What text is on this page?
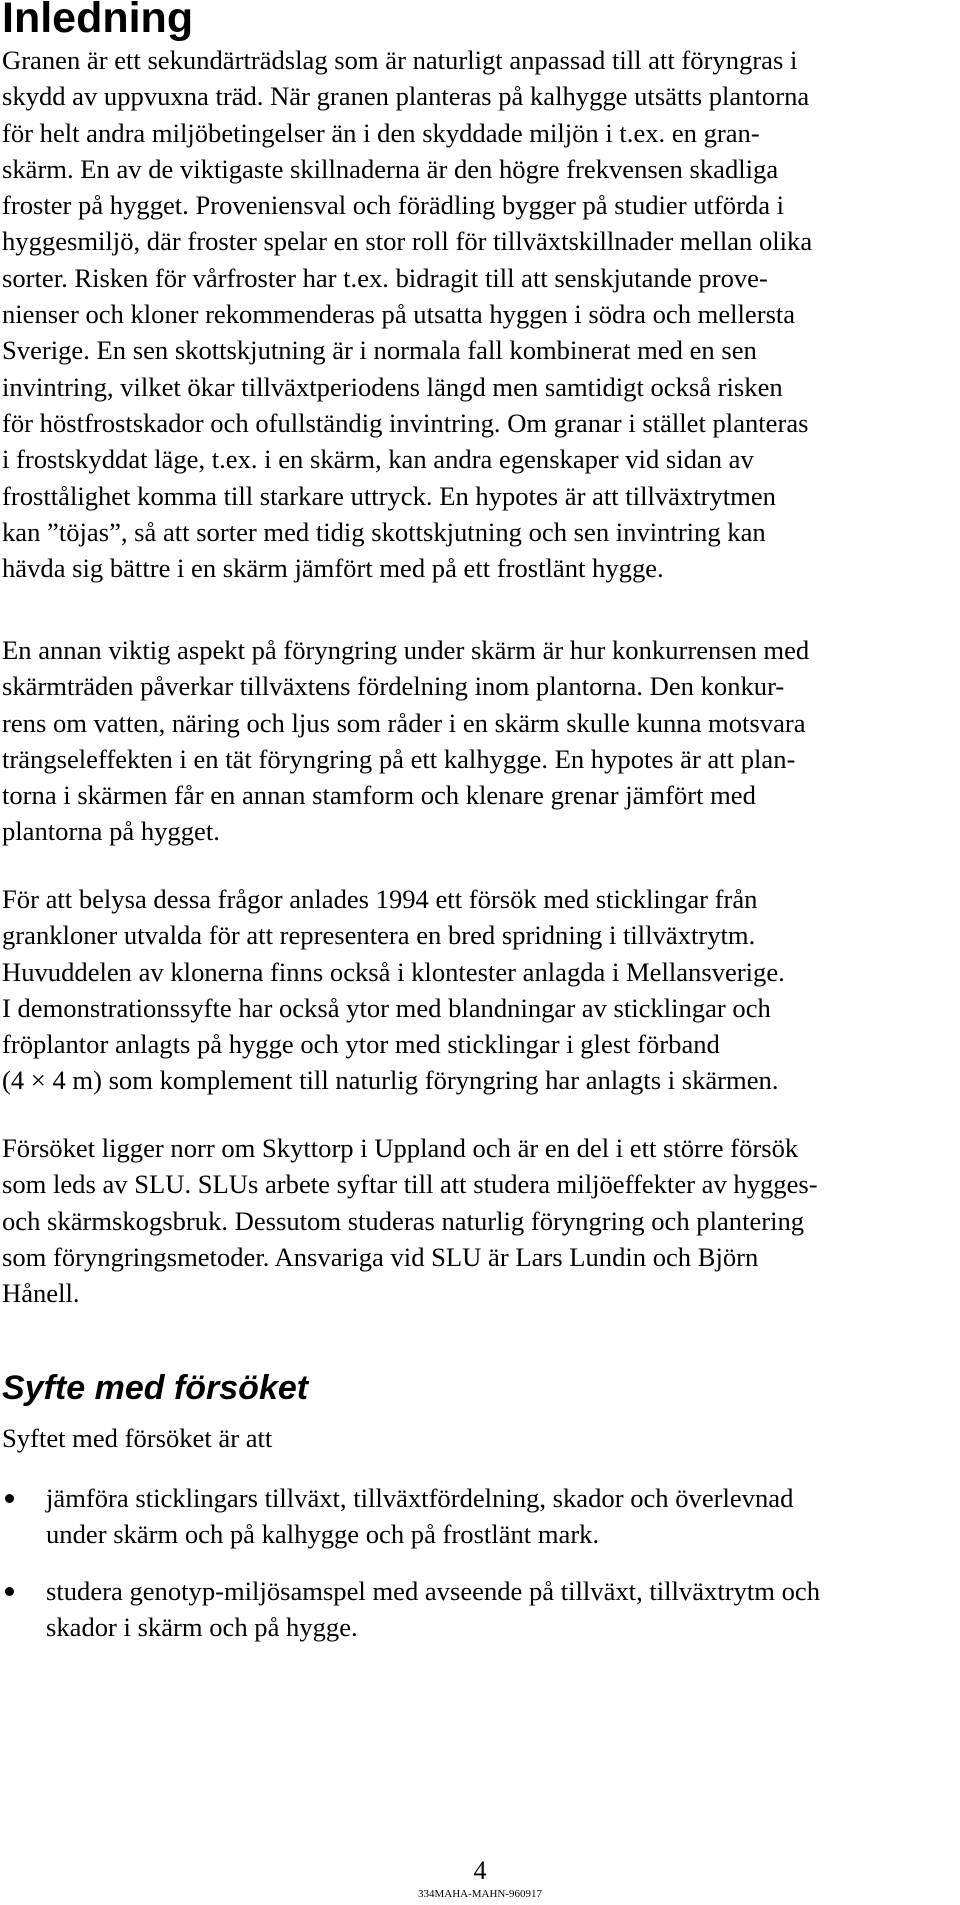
Inledning

Granen är ett sekundärträdslag som är naturligt anpassad till att föryngras i
skydd av uppvuxna träd. När granen planteras på kalhygge utsätts plantorna
för helt andra miljöbetingelser än i den skyddade miljön i t.ex. en gran-
skärm. En av de viktigaste skillnaderna är den högre frekvensen skadliga
froster på hygget. Proveniensval och förädling bygger på studier utförda i
hyggesmiljö, där froster spelar en stor roll för tillväxtskillnader mellan olika
sorter. Risken för vårfroster har t.ex. bidragit till att senskjutande prove-
nienser och kloner rekommenderas på utsatta hyggen i södra och mellersta
Sverige. En sen skottskjutning är i normala fall kombinerat med en sen
invintring, vilket ökar tillväxtperiodens längd men samtidigt också risken
för höstfrostskador och ofullständig invintring. Om granar i stället planteras
i frostskyddat läge, t.ex. i en skärm, kan andra egenskaper vid sidan av
frosttålighet komma till starkare uttryck. En hypotes är att tillväxtrytmen
kan ”töjas”, så att sorter med tidig skottskjutning och sen invintring kan
hävda sig bättre i en skärm jämfört med på ett frostlänt hygge.

En annan viktig aspekt på föryngring under skärm är hur konkurrensen med
skärmträden påverkar tillväxtens fördelning inom plantorna. Den konkur-
rens om vatten, näring och ljus som råder i en skärm skulle kunna motsvara
trängseleffekten i en tät föryngring på ett kalhygge. En hypotes är att plan-
torna i skärmen får en annan stamform och klenare grenar jämfört med
plantorna på hygget.

För att belysa dessa frågor anlades 1994 ett försök med sticklingar från
grankloner utvalda för att representera en bred spridning i tillväxtrytm.
Huvuddelen av klonerna finns också i klontester anlagda i Mellansverige.
I demonstrationssyfte har också ytor med blandningar av sticklingar och
fröplantor anlagts på hygge och ytor med sticklingar i glest förband
(4 × 4 m) som komplement till naturlig föryngring har anlagts i skärmen.

Försöket ligger norr om Skyttorp i Uppland och är en del i ett större försök
som leds av SLU. SLUs arbete syftar till att studera miljöeffekter av hygges-
och skärmskogsbruk. Dessutom studeras naturlig föryngring och plantering
som föryngringsmetoder. Ansvariga vid SLU är Lars Lundin och Björn
Hånell.

Syfte med försöket

Syftet med försöket är att

jämföra sticklingars tillväxt, tillväxtfördelning, skador och överlevnad
under skärm och på kalhygge och på frostlänt mark.
studera genotyp-miljösamspel med avseende på tillväxt, tillväxtrytm och
skador i skärm och på hygge.
4
334MAHA-MAHN-960917
